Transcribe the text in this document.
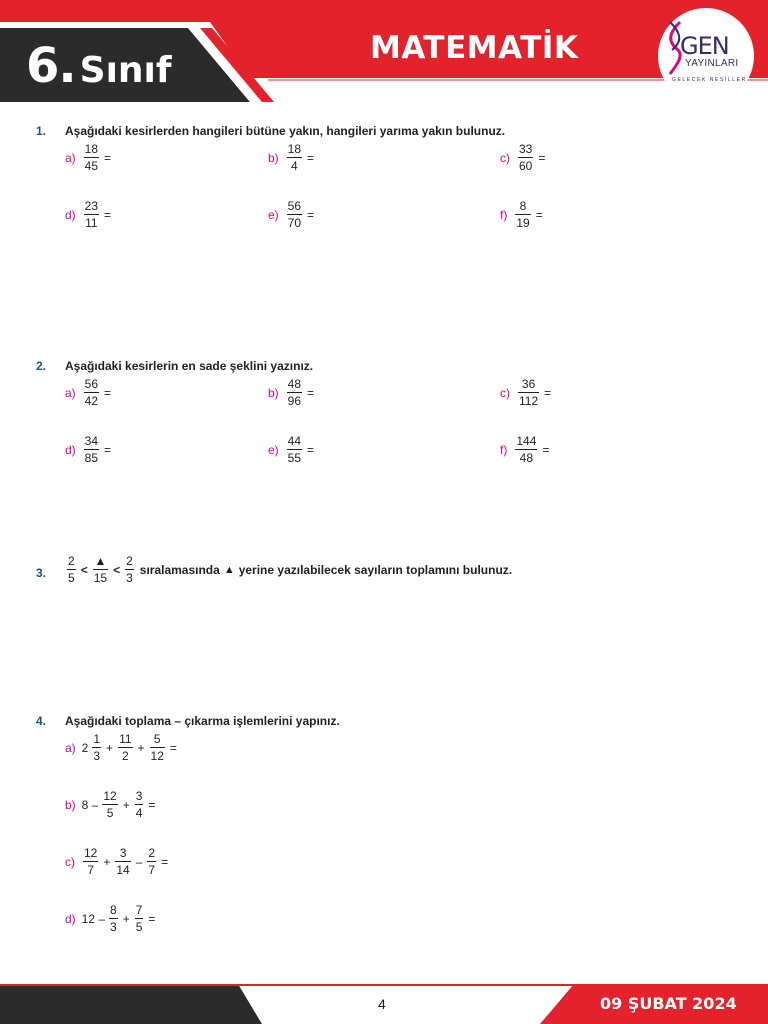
6. Sınıf
MATEMATİK	GEN
YAYINLARI
GELECEK NESİLLER
1. Aşağıdaki kesirlerden hangileri bütüne yakın, hangileri yarıma yakın bulunuz.
$a) \frac{18}{45}$ =	$b) \frac{18}{4}$ =	$c) \frac{33}{60}$ =
$d) \frac{23}{11}$ =	$e) \frac{56}{70}$ =	$f) \frac{8}{19}$ =
2. Aşağıdaki kesirlerin en sade şeklini yazınız.
$a) \frac{56}{42}$ =	$b) \frac{48}{96}$ =	$c) \frac{36}{112}$ =
$d) \frac{34}{85}$ =	$e) \frac{44}{55}$ =	$f) \frac{144}{48}$ =
3. $\frac{2}{5} < \frac{▲}{15} < \frac{2}{3}$ sıralamasında ▲ yerine yazılabilecek sayıların toplamını bulunuz.
4. Aşağıdaki toplama – çıkarma işlemlerini yapınız.
a) $2 \frac{1}{3} + \frac{11}{2} + \frac{5}{12}$ =
b) $8 - \frac{12}{5} + \frac{3}{4}$ =
$c) \frac{12}{7} + \frac{3}{14} - \frac{2}{7}$ =
d) $12 - \frac{8}{3} + \frac{7}{5}$ =
4	09 ŞUBAT 2024
